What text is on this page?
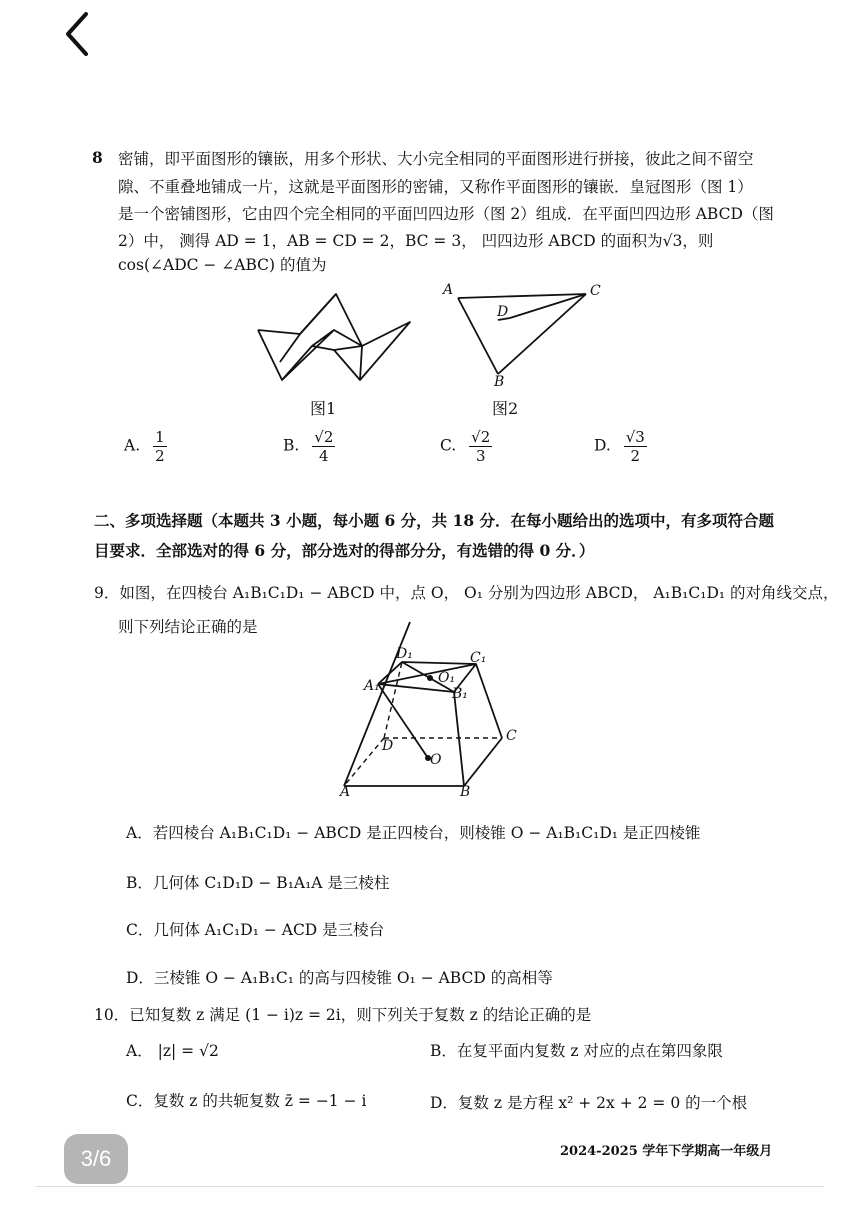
8 密铺，即平面图形的镶嵌，用多个形状、大小完全相同的平面图形进行拼接，彼此之间不留空
隙、不重叠地铺成一片，这就是平面图形的密铺，又称作平面图形的镶嵌．皇冠图形（图 1）
是一个密铺图形，它由四个完全相同的平面凹四边形（图 2）组成．在平面凹四边形 ABCD（图
2）中， 测得 AD = 1，AB = CD = 2，BC = 3， 凹四边形 ABCD 的面积为√3，则
cos(∠ADC − ∠ABC) 的值为
图1
A	C
D
B
图2
A. $\frac{1}{2}$	B. $\frac{√2}{4}$	C. $\frac{√2}{3}$	D. $\frac{√3}{2}$
二、多项选择题（本题共 3 小题，每小题 6 分，共 18 分．在每小题给出的选项中，有多项符合题
目要求．全部选对的得 6 分，部分选对的得部分分，有选错的得 0 分．）
9．如图，在四棱台 A₁B₁C₁D₁ − ABCD 中，点 O， O₁ 分别为四边形 ABCD， A₁B₁C₁D₁ 的对角线交点，
则下列结论正确的是
A	B
C
D
O
A₁	B₁
C₁
D₁
O₁
A．若四棱台 A₁B₁C₁D₁ − ABCD 是正四棱台，则棱锥 O − A₁B₁C₁D₁ 是正四棱锥
B．几何体 C₁D₁D − B₁A₁A 是三棱柱
C．几何体 A₁C₁D₁ − ACD 是三棱台
D．三棱锥 O − A₁B₁C₁ 的高与四棱锥 O₁ − ABCD 的高相等
10．已知复数 z 满足 (1 − i)z = 2i，则下列关于复数 z 的结论正确的是
A． |z| = √2	B．在复平面内复数 z 对应的点在第四象限
C．复数 z 的共轭复数 z̄ = −1 − i	D．复数 z 是方程 x² + 2x + 2 = 0 的一个根
2024-2025 学年下学期高一年级月
3/6
